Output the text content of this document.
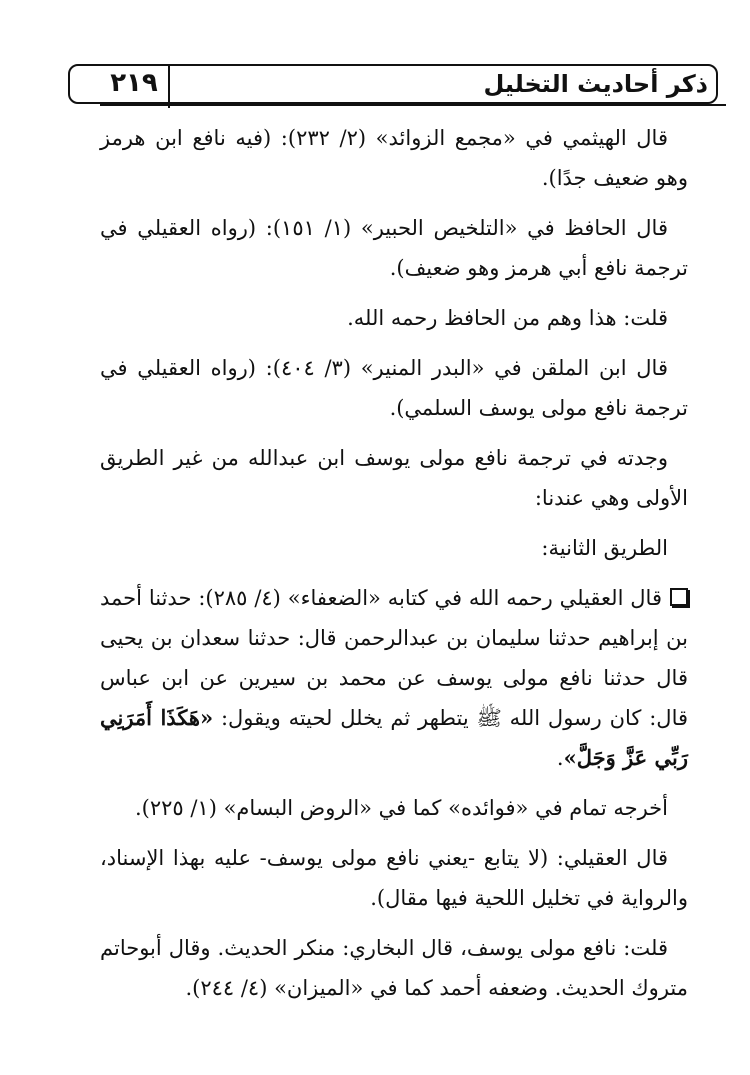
٢١٩	ذكر أحاديث التخليل

قال الهيثمي في «مجمع الزوائد» (٢/ ٢٣٢): (فيه نافع ابن هرمز وهو ضعيف جدًا).

قال الحافظ في «التلخيص الحبير» (١/ ١٥١): (رواه العقيلي في ترجمة نافع أبي هرمز وهو ضعيف).

قلت: هذا وهم من الحافظ رحمه الله.

قال ابن الملقن في «البدر المنير» (٣/ ٤٠٤): (رواه العقيلي في ترجمة نافع مولى يوسف السلمي).

وجدته في ترجمة نافع مولى يوسف ابن عبدالله من غير الطريق الأولى وهي عندنا:

الطريق الثانية:

قال العقيلي رحمه الله في كتابه «الضعفاء» (٤/ ٢٨٥): حدثنا أحمد بن إبراهيم حدثنا سليمان بن عبدالرحمن قال: حدثنا سعدان بن يحيى قال حدثنا نافع مولى يوسف عن محمد بن سيرين عن ابن عباس قال: كان رسول الله ﷺ يتطهر ثم يخلل لحيته ويقول: «هَكَذَا أَمَرَنِي رَبِّي عَزَّ وَجَلَّ».

أخرجه تمام في «فوائده» كما في «الروض البسام» (١/ ٢٢٥).

قال العقيلي: (لا يتابع -يعني نافع مولى يوسف- عليه بهذا الإسناد، والرواية في تخليل اللحية فيها مقال).

قلت: نافع مولى يوسف، قال البخاري: منكر الحديث. وقال أبوحاتم متروك الحديث. وضعفه أحمد كما في «الميزان» (٤/ ٢٤٤).
